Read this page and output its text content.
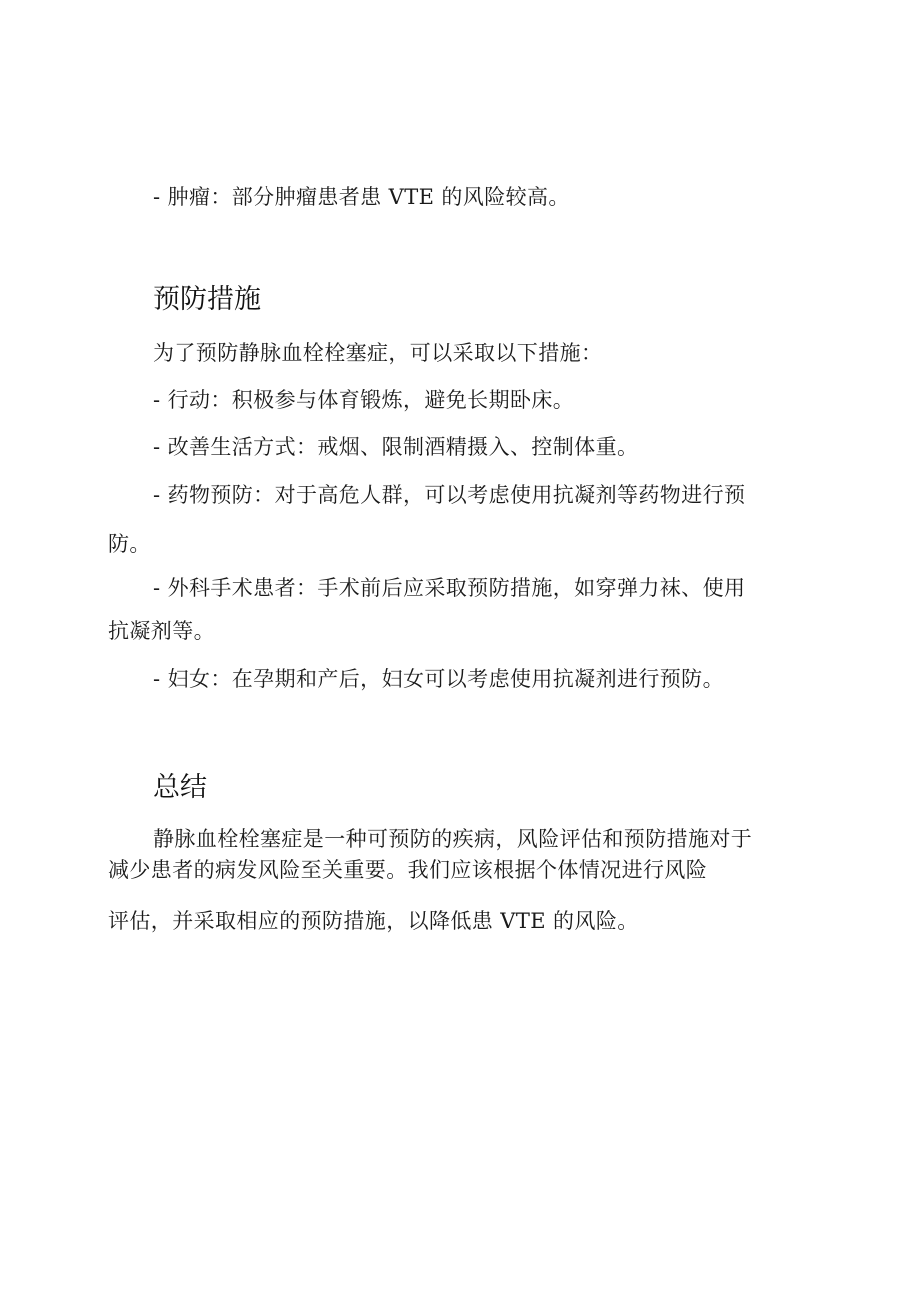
- 肿瘤：部分肿瘤患者患 VTE 的风险较高。
预防措施
为了预防静脉血栓栓塞症，可以采取以下措施：
- 行动：积极参与体育锻炼，避免长期卧床。
- 改善生活方式：戒烟、限制酒精摄入、控制体重。
- 药物预防：对于高危人群，可以考虑使用抗凝剂等药物进行预
防。
- 外科手术患者：手术前后应采取预防措施，如穿弹力袜、使用
抗凝剂等。
- 妇女：在孕期和产后，妇女可以考虑使用抗凝剂进行预防。
总结
静脉血栓栓塞症是一种可预防的疾病，风险评估和预防措施对于
减少患者的病发风险至关重要。我们应该根据个体情况进行风险
评估，并采取相应的预防措施，以降低患 VTE 的风险。
